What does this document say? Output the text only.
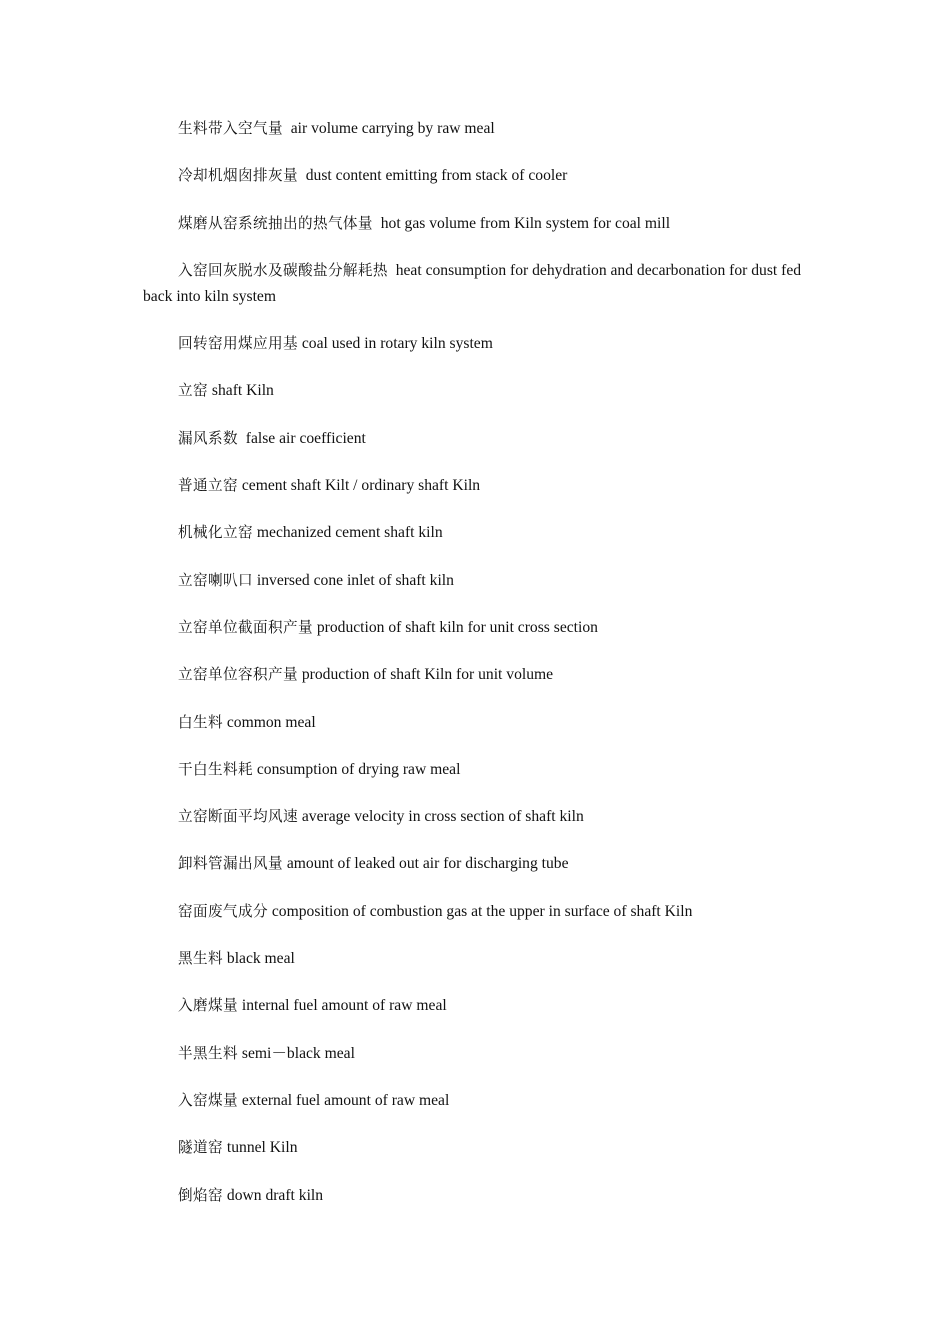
生料带入空气量 air volume carrying by raw meal
冷却机烟囱排灰量 dust content emitting from stack of cooler
煤磨从窑系统抽出的热气体量 hot gas volume from Kiln system for coal mill
入窑回灰脱水及碳酸盐分解耗热 heat consumption for dehydration and decarbonation for dust fed back into kiln system
回转窑用煤应用基 coal used in rotary kiln system
立窑 shaft Kiln
漏风系数 false air coefficient
普通立窑 cement shaft Kilt / ordinary shaft Kiln
机械化立窑 mechanized cement shaft kiln
立窑喇叭口 inversed cone inlet of shaft kiln
立窑单位截面积产量 production of shaft kiln for unit cross section
立窑单位容积产量 production of shaft Kiln for unit volume
白生料 common meal
干白生料耗 consumption of drying raw meal
立窑断面平均风速 average velocity in cross section of shaft kiln
卸料管漏出风量 amount of leaked out air for discharging tube
窑面废气成分 composition of combustion gas at the upper in surface of shaft Kiln
黑生料 black meal
入磨煤量 internal fuel amount of raw meal
半黑生料 semi－black meal
入窑煤量 external fuel amount of raw meal
隧道窑 tunnel Kiln
倒焰窑 down draft kiln
